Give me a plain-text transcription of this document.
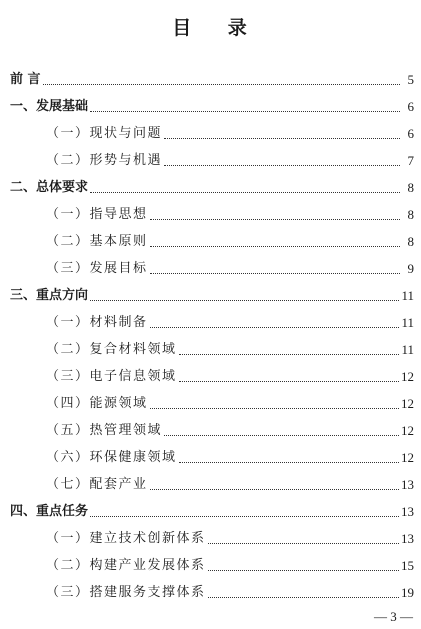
目    录
前 言	5
一、发展基础	6
（一）现状与问题	6
（二）形势与机遇	7
二、总体要求	8
（一）指导思想	8
（二）基本原则	8
（三）发展目标	9
三、重点方向	11
（一）材料制备	11
（二）复合材料领域	11
（三）电子信息领域	12
（四）能源领域	12
（五）热管理领域	12
（六）环保健康领域	12
（七）配套产业	13
四、重点任务	13
（一）建立技术创新体系	13
（二）构建产业发展体系	15
（三）搭建服务支撑体系	19
— 3 —
